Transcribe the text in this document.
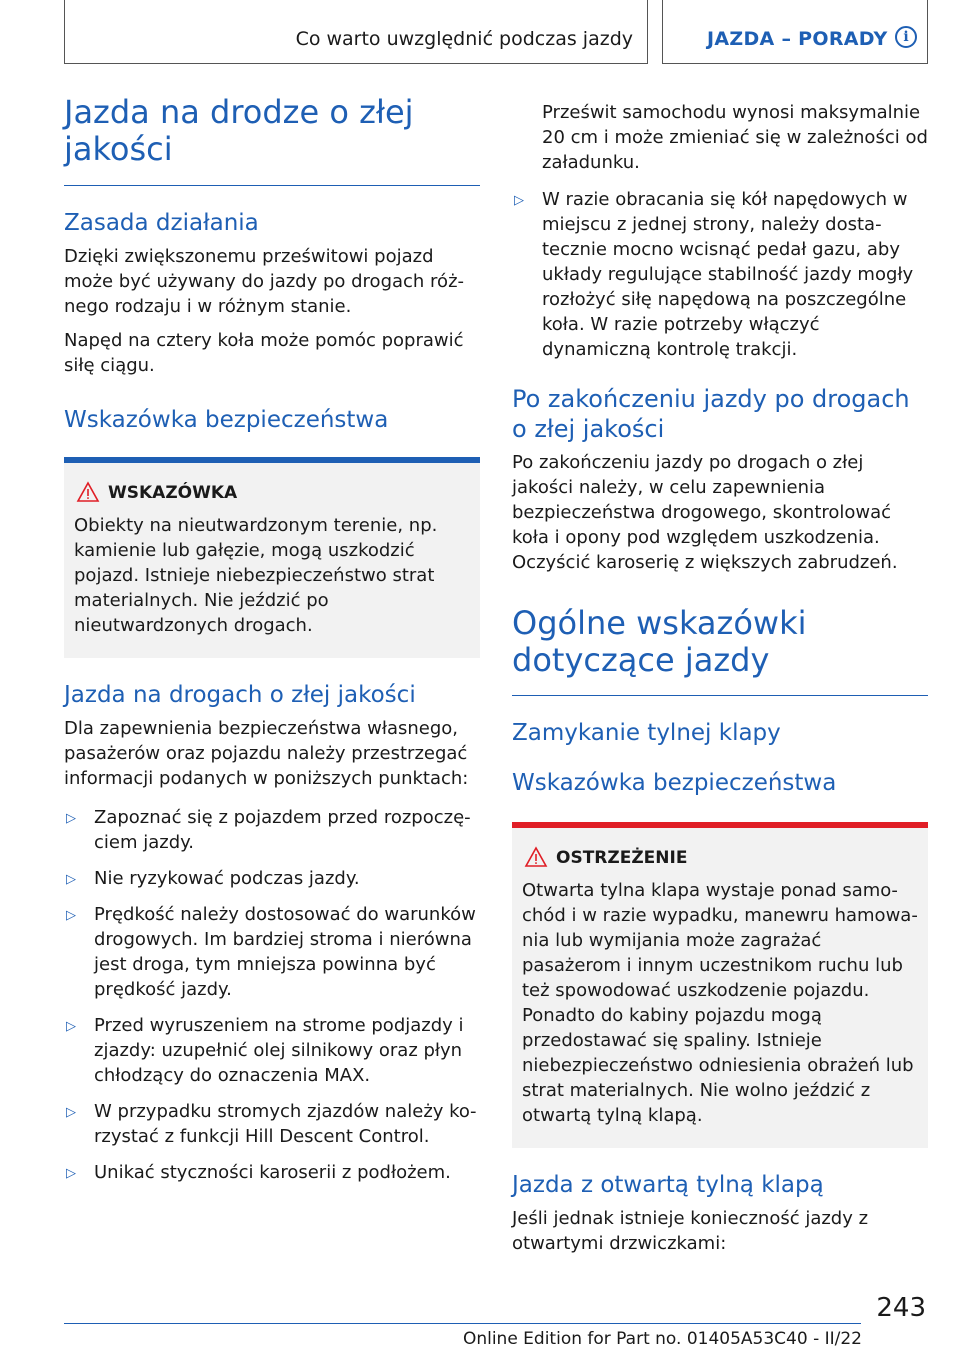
Co warto uwzględnić podczas jazdy	JAZDA – PORADY	i
Jazda na drodze o złej jakości
Zasada działania

Dzięki zwiększonemu prześwitowi pojazd może być używany do jazdy po drogach różnego rodzaju i w różnym stanie.

Napęd na cztery koła może pomóc poprawić siłę ciągu.

Wskazówka bezpieczeństwa
WSKAZÓWKA

Obiekty na nieutwardzonym terenie, np. kamienie lub gałęzie, mogą uszkodzić pojazd. Istnieje niebezpieczeństwo strat materialnych. Nie jeździć po nieutwardzonych drogach.

Jazda na drogach o złej jakości

Dla zapewnienia bezpieczeństwa własnego, pasażerów oraz pojazdu należy przestrzegać informacji podanych w poniższych punktach:

▷ Zapoznać się z pojazdem przed rozpoczęciem jazdy.
▷ Nie ryzykować podczas jazdy.
▷ Prędkość należy dostosować do warunków drogowych. Im bardziej stroma i nierówna jest droga, tym mniejsza powinna być prędkość jazdy.
▷ Przed wyruszeniem na strome podjazdy i zjazdy: uzupełnić olej silnikowy oraz płyn chłodzący do oznaczenia MAX.
▷ W przypadku stromych zjazdów należy korzystać z funkcji Hill Descent Control.
▷ Unikać styczności karoserii z podłożem.

Prześwit samochodu wynosi maksymalnie 20 cm i może zmieniać się w zależności od załadunku.

▷ W razie obracania się kół napędowych w miejscu z jednej strony, należy dostatecznie mocno wcisnąć pedał gazu, aby układy regulujące stabilność jazdy mogły rozłożyć siłę napędową na poszczególne koła. W razie potrzeby włączyć dynamiczną kontrolę trakcji.
Po zakończeniu jazdy po drogach o złej jakości

Po zakończeniu jazdy po drogach o złej jakości należy, w celu zapewnienia bezpieczeństwa drogowego, skontrolować koła i opony pod względem uszkodzenia. Oczyścić karoserię z większych zabrudzeń.

Ogólne wskazówki dotyczące jazdy
Zamykanie tylnej klapy
Wskazówka bezpieczeństwa
OSTRZEŻENIE

Otwarta tylna klapa wystaje ponad samochód i w razie wypadku, manewru hamowania lub wymijania może zagrażać pasażerom i innym uczestnikom ruchu lub też spowodować uszkodzenie pojazdu. Ponadto do kabiny pojazdu mogą przedostawać się spaliny. Istnieje niebezpieczeństwo odniesienia obrażeń lub strat materialnych. Nie wolno jeździć z otwartą tylną klapą.

Jazda z otwartą tylną klapą

Jeśli jednak istnieje konieczność jazdy z otwartymi drzwiczkami:

243
Online Edition for Part no. 01405A53C40 - II/22
